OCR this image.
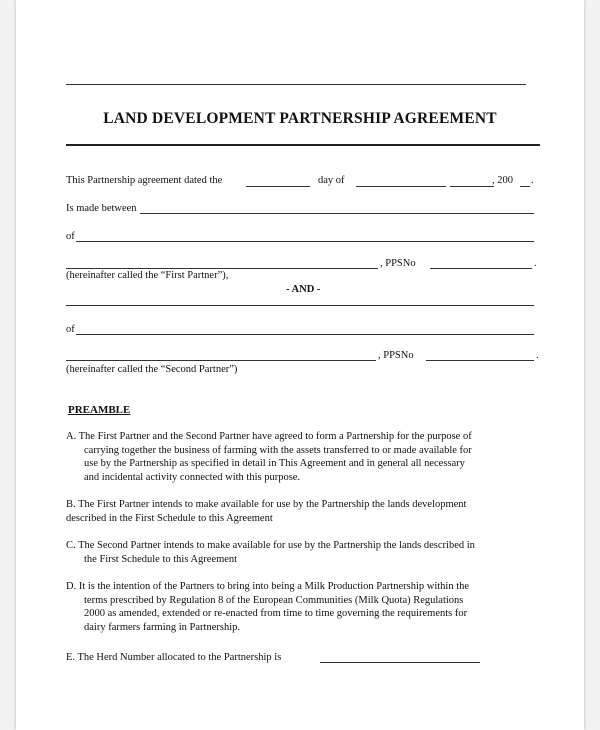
LAND DEVELOPMENT PARTNERSHIP AGREEMENT
This Partnership agreement dated the	day of	, 200 .
Is made between
of
, PPSNo	.
(hereinafter called the “First Partner”),
- AND -
of
, PPSNo	.
(hereinafter called the “Second Partner”)
PREAMBLE
A. The First Partner and the Second Partner have agreed to form a Partnership for the purpose of
carrying together the business of farming with the assets transferred to or made available for
use by the Partnership as specified in detail in This Agreement and in general all necessary
and incidental activity connected with this purpose.
B. The First Partner intends to make available for use by the Partnership the lands development
described in the First Schedule to this Agreement
C. The Second Partner intends to make available for use by the Partnership the lands described in
the First Schedule to this Agreement
D. It is the intention of the Partners to bring into being a Milk Production Partnership within the
terms prescribed by Regulation 8 of the European Communities (Milk Quota) Regulations
2000 as amended, extended or re-enacted from time to time governing the requirements for
dairy farmers farming in Partnership.
E. The Herd Number allocated to the Partnership is
